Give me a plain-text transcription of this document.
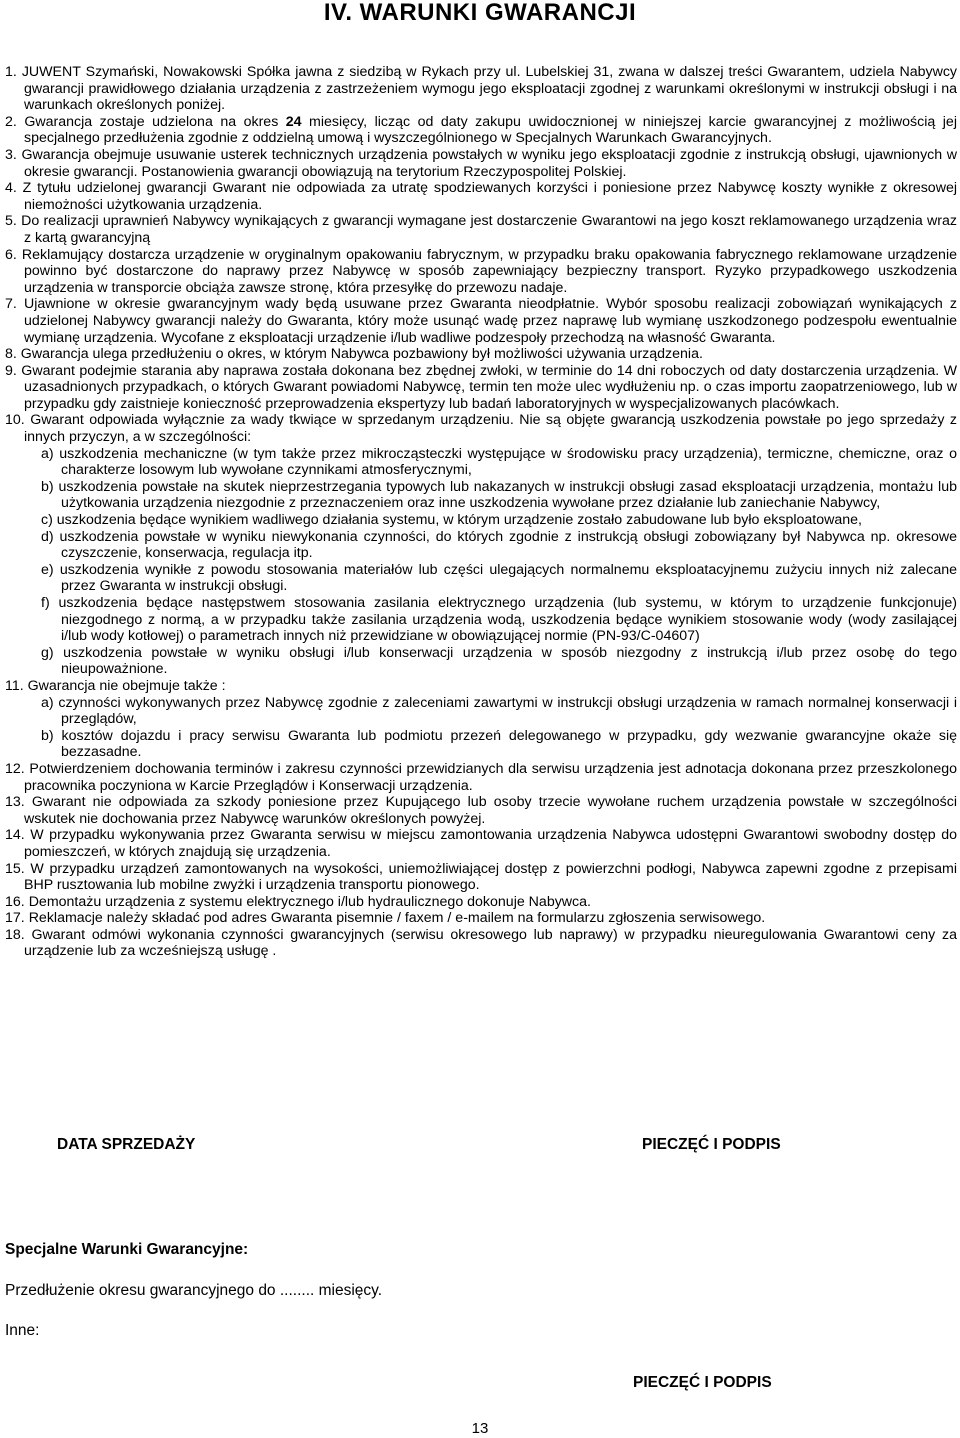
IV. WARUNKI GWARANCJI
1. JUWENT Szymański, Nowakowski Spółka jawna z siedzibą w Rykach przy ul. Lubelskiej 31, zwana w dalszej treści Gwarantem, udziela Nabywcy gwarancji prawidłowego działania urządzenia z zastrzeżeniem wymogu jego eksploatacji zgodnej z warunkami określonymi w instrukcji obsługi i na warunkach określonych poniżej.
2. Gwarancja zostaje udzielona na okres 24 miesięcy, licząc od daty zakupu uwidocznionej w niniejszej karcie gwarancyjnej z możliwością jej specjalnego przedłużenia zgodnie z oddzielną umową i wyszczególnionego w Specjalnych Warunkach Gwarancyjnych.
3. Gwarancja obejmuje usuwanie usterek technicznych urządzenia powstałych w wyniku jego eksploatacji zgodnie z instrukcją obsługi, ujawnionych w okresie gwarancji. Postanowienia gwarancji obowiązują na terytorium Rzeczypospolitej Polskiej.
4. Z tytułu udzielonej gwarancji Gwarant nie odpowiada za utratę spodziewanych korzyści i poniesione przez Nabywcę koszty wynikłe z okresowej niemożności użytkowania urządzenia.
5. Do realizacji uprawnień Nabywcy wynikających z gwarancji wymagane jest dostarczenie Gwarantowi na jego koszt reklamowanego urządzenia wraz z kartą gwarancyjną
6. Reklamujący dostarcza urządzenie w oryginalnym opakowaniu fabrycznym, w przypadku braku opakowania fabrycznego reklamowane urządzenie powinno być dostarczone do naprawy przez Nabywcę w sposób zapewniający bezpieczny transport. Ryzyko przypadkowego uszkodzenia urządzenia w transporcie obciąża zawsze stronę, która przesyłkę do przewozu nadaje.
7. Ujawnione w okresie gwarancyjnym wady będą usuwane przez Gwaranta nieodpłatnie. Wybór sposobu realizacji zobowiązań wynikających z udzielonej Nabywcy gwarancji należy do Gwaranta, który może usunąć wadę przez naprawę lub wymianę uszkodzonego podzespołu ewentualnie wymianę urządzenia. Wycofane z eksploatacji urządzenie i/lub wadliwe podzespoły przechodzą na własność Gwaranta.
8. Gwarancja ulega przedłużeniu o okres, w którym Nabywca pozbawiony był możliwości używania urządzenia.
9. Gwarant podejmie starania aby naprawa została dokonana bez zbędnej zwłoki, w terminie do 14 dni roboczych od daty dostarczenia urządzenia. W uzasadnionych przypadkach, o których Gwarant powiadomi Nabywcę, termin ten może ulec wydłużeniu np. o czas importu zaopatrzeniowego, lub w przypadku gdy zaistnieje konieczność przeprowadzenia ekspertyzy lub badań laboratoryjnych w wyspecjalizowanych placówkach.
10. Gwarant odpowiada wyłącznie za wady tkwiące w sprzedanym urządzeniu. Nie są objęte gwarancją uszkodzenia powstałe po jego sprzedaży z innych przyczyn, a w szczególności:
a) uszkodzenia mechaniczne (w tym także przez mikrocząsteczki występujące w środowisku pracy urządzenia), termiczne, chemiczne, oraz o charakterze losowym lub wywołane czynnikami atmosferycznymi,
b) uszkodzenia powstałe na skutek nieprzestrzegania typowych lub nakazanych w instrukcji obsługi zasad eksploatacji urządzenia, montażu lub użytkowania urządzenia niezgodnie z przeznaczeniem oraz inne uszkodzenia wywołane przez działanie lub zaniechanie Nabywcy,
c) uszkodzenia będące wynikiem wadliwego działania systemu, w którym urządzenie zostało zabudowane lub było eksploatowane,
d) uszkodzenia powstałe w wyniku niewykonania czynności, do których zgodnie z instrukcją obsługi zobowiązany był Nabywca np. okresowe czyszczenie, konserwacja, regulacja itp.
e) uszkodzenia wynikłe z powodu stosowania materiałów lub części ulegających normalnemu eksploatacyjnemu zużyciu innych niż zalecane przez Gwaranta w instrukcji obsługi.
f) uszkodzenia będące następstwem stosowania zasilania elektrycznego urządzenia (lub systemu, w którym to urządzenie funkcjonuje) niezgodnego z normą, a w przypadku także zasilania urządzenia wodą, uszkodzenia będące wynikiem stosowanie wody (wody zasilającej i/lub wody kotłowej) o parametrach innych niż przewidziane w obowiązującej normie (PN-93/C-04607)
g) uszkodzenia powstałe w wyniku obsługi i/lub konserwacji urządzenia w sposób niezgodny z instrukcją i/lub przez osobę do tego nieupoważnione.
11. Gwarancja nie obejmuje także :
a) czynności wykonywanych przez Nabywcę zgodnie z zaleceniami zawartymi w instrukcji obsługi urządzenia w ramach normalnej konserwacji i przeglądów,
b) kosztów dojazdu i pracy serwisu Gwaranta lub podmiotu przezeń delegowanego w przypadku, gdy wezwanie gwarancyjne okaże się bezzasadne.
12. Potwierdzeniem dochowania terminów i zakresu czynności przewidzianych dla serwisu urządzenia jest adnotacja dokonana przez przeszkolonego pracownika poczyniona w Karcie Przeglądów i Konserwacji urządzenia.
13. Gwarant nie odpowiada za szkody poniesione przez Kupującego lub osoby trzecie wywołane ruchem urządzenia powstałe w szczególności wskutek nie dochowania przez Nabywcę warunków określonych powyżej.
14. W przypadku wykonywania przez Gwaranta serwisu w miejscu zamontowania urządzenia Nabywca udostępni Gwarantowi swobodny dostęp do pomieszczeń, w których znajdują się urządzenia.
15. W przypadku urządzeń zamontowanych na wysokości, uniemożliwiającej dostęp z powierzchni podłogi, Nabywca zapewni zgodne z przepisami BHP rusztowania lub mobilne zwyżki i urządzenia transportu pionowego.
16. Demontażu urządzenia z systemu elektrycznego i/lub hydraulicznego dokonuje Nabywca.
17. Reklamacje należy składać pod adres Gwaranta pisemnie / faxem / e-mailem na formularzu zgłoszenia serwisowego.
18. Gwarant odmówi wykonania czynności gwarancyjnych (serwisu okresowego lub naprawy) w przypadku nieuregulowania Gwarantowi ceny za urządzenie lub za wcześniejszą usługę .
DATA SPRZEDAŻY	PIECZĘĆ I PODPIS
Specjalne Warunki Gwarancyjne:
Przedłużenie okresu gwarancyjnego do ........ miesięcy.
Inne:
PIECZĘĆ I PODPIS
13
